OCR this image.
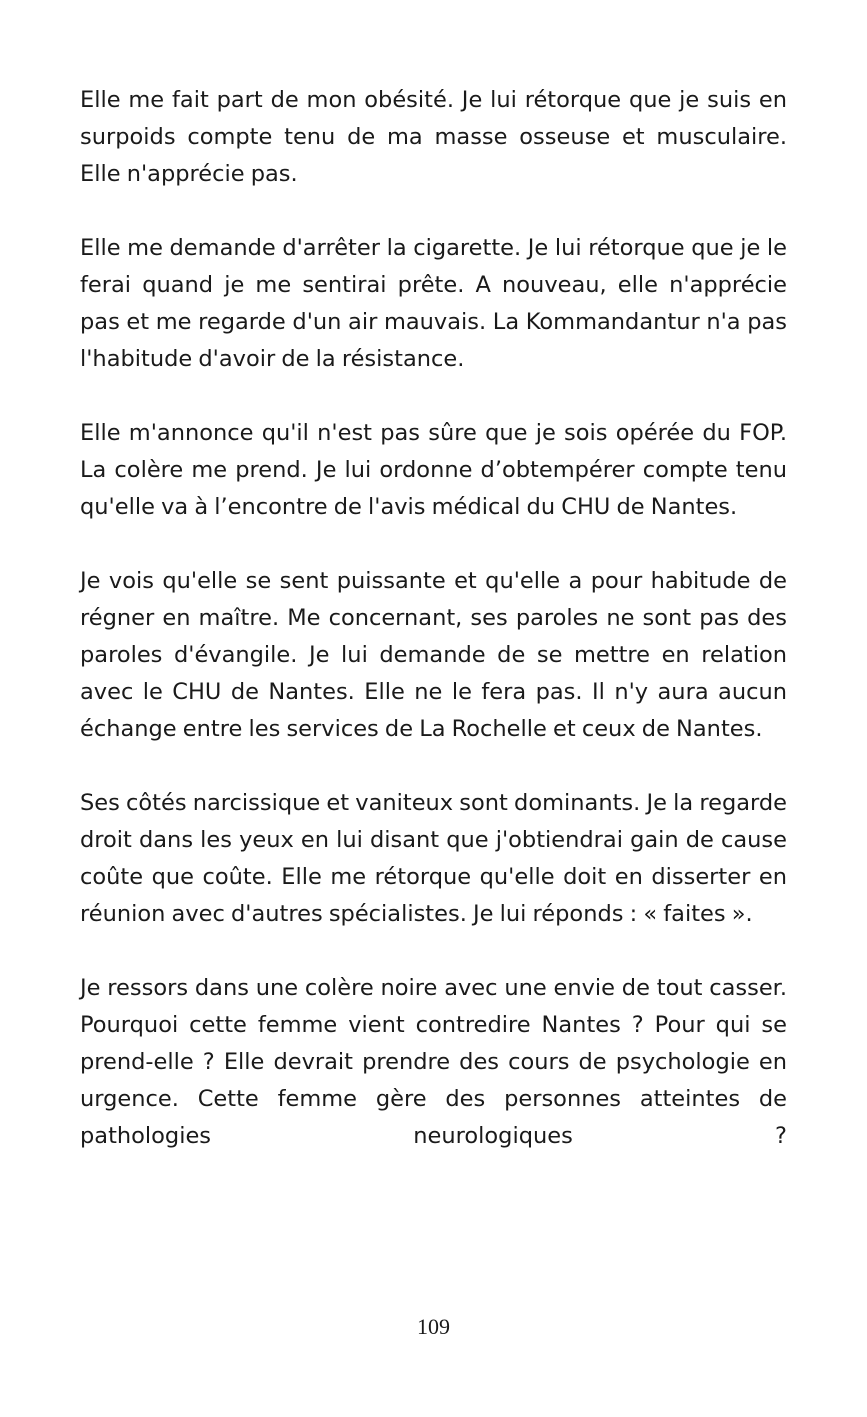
Elle me fait part de mon obésité. Je lui rétorque que je suis en surpoids compte tenu de ma masse osseuse et musculaire. Elle n'apprécie pas.

Elle me demande d'arrêter la cigarette. Je lui rétorque que je le ferai quand je me sentirai prête. A nouveau, elle n'apprécie pas et me regarde d'un air mauvais. La Kommandantur n'a pas l'habitude d'avoir de la résistance.

Elle m'annonce qu'il n'est pas sûre que je sois opérée du FOP. La colère me prend. Je lui ordonne d’obtempérer compte tenu qu'elle va à l’encontre de l'avis médical du CHU de Nantes.

Je vois qu'elle se sent puissante et qu'elle a pour habitude de régner en maître. Me concernant, ses paroles ne sont pas des paroles d'évangile. Je lui demande de se mettre en relation avec le CHU de Nantes. Elle ne le fera pas. Il n'y aura aucun échange entre les services de La Rochelle et ceux de Nantes.

Ses côtés narcissique et vaniteux sont dominants. Je la regarde droit dans les yeux en lui disant que j'obtiendrai gain de cause coûte que coûte. Elle me rétorque qu'elle doit en disserter en réunion avec d'autres spécialistes. Je lui réponds : « faites ».

Je ressors dans une colère noire avec une envie de tout casser. Pourquoi cette femme vient contredire Nantes ? Pour qui se prend-elle ? Elle devrait prendre des cours de psychologie en urgence. Cette femme gère des personnes atteintes de pathologies neurologiques ?

109
